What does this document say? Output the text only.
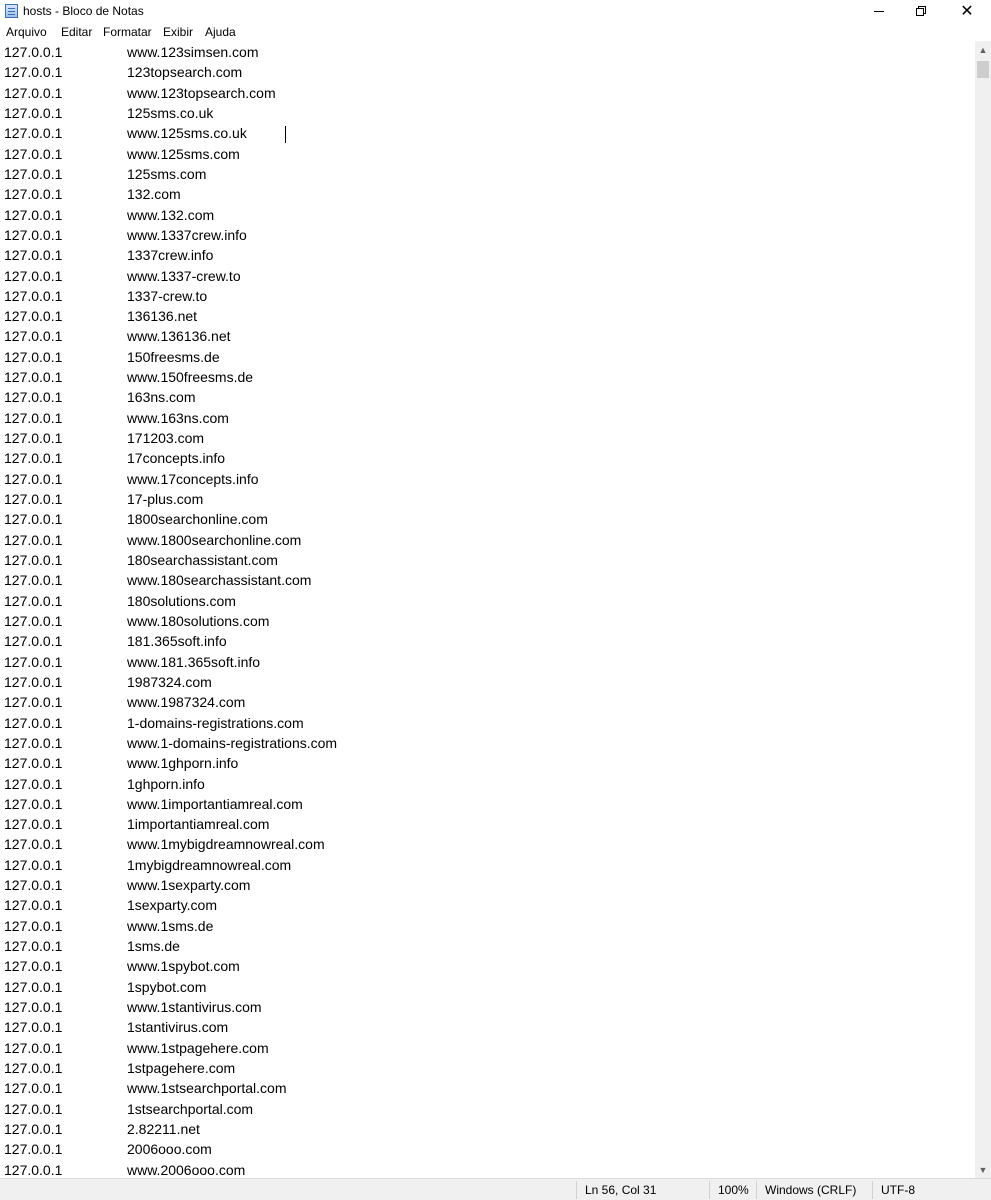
hosts - Bloco de Notas	✕
Arquivo Editar Formatar Exibir Ajuda
127.0.0.1	www.123simsen.com
127.0.0.1	123topsearch.com
127.0.0.1	www.123topsearch.com
127.0.0.1	125sms.co.uk
127.0.0.1	www.125sms.co.uk
127.0.0.1	www.125sms.com
127.0.0.1	125sms.com
127.0.0.1	132.com
127.0.0.1	www.132.com
127.0.0.1	www.1337crew.info
127.0.0.1	1337crew.info
127.0.0.1	www.1337-crew.to
127.0.0.1	1337-crew.to
127.0.0.1	136136.net
127.0.0.1	www.136136.net
127.0.0.1	150freesms.de
127.0.0.1	www.150freesms.de
127.0.0.1	163ns.com
127.0.0.1	www.163ns.com
127.0.0.1	171203.com
127.0.0.1	17concepts.info
127.0.0.1	www.17concepts.info
127.0.0.1	17-plus.com
127.0.0.1	1800searchonline.com
127.0.0.1	www.1800searchonline.com
127.0.0.1	180searchassistant.com
127.0.0.1	www.180searchassistant.com
127.0.0.1	180solutions.com
127.0.0.1	www.180solutions.com
127.0.0.1	181.365soft.info
127.0.0.1	www.181.365soft.info
127.0.0.1	1987324.com
127.0.0.1	www.1987324.com
127.0.0.1	1-domains-registrations.com
127.0.0.1	www.1-domains-registrations.com
127.0.0.1	www.1ghporn.info
127.0.0.1	1ghporn.info
127.0.0.1	www.1importantiamreal.com
127.0.0.1	1importantiamreal.com
127.0.0.1	www.1mybigdreamnowreal.com
127.0.0.1	1mybigdreamnowreal.com
127.0.0.1	www.1sexparty.com
127.0.0.1	1sexparty.com
127.0.0.1	www.1sms.de
127.0.0.1	1sms.de
127.0.0.1	www.1spybot.com
127.0.0.1	1spybot.com
127.0.0.1	www.1stantivirus.com
127.0.0.1	1stantivirus.com
127.0.0.1	www.1stpagehere.com
127.0.0.1	1stpagehere.com
127.0.0.1	www.1stsearchportal.com
127.0.0.1	1stsearchportal.com
127.0.0.1	2.82211.net
127.0.0.1	2006ooo.com
127.0.0.1	www.2006ooo.com
▲
▼
Ln 56, Col 31	100% Windows (CRLF) UTF-8
